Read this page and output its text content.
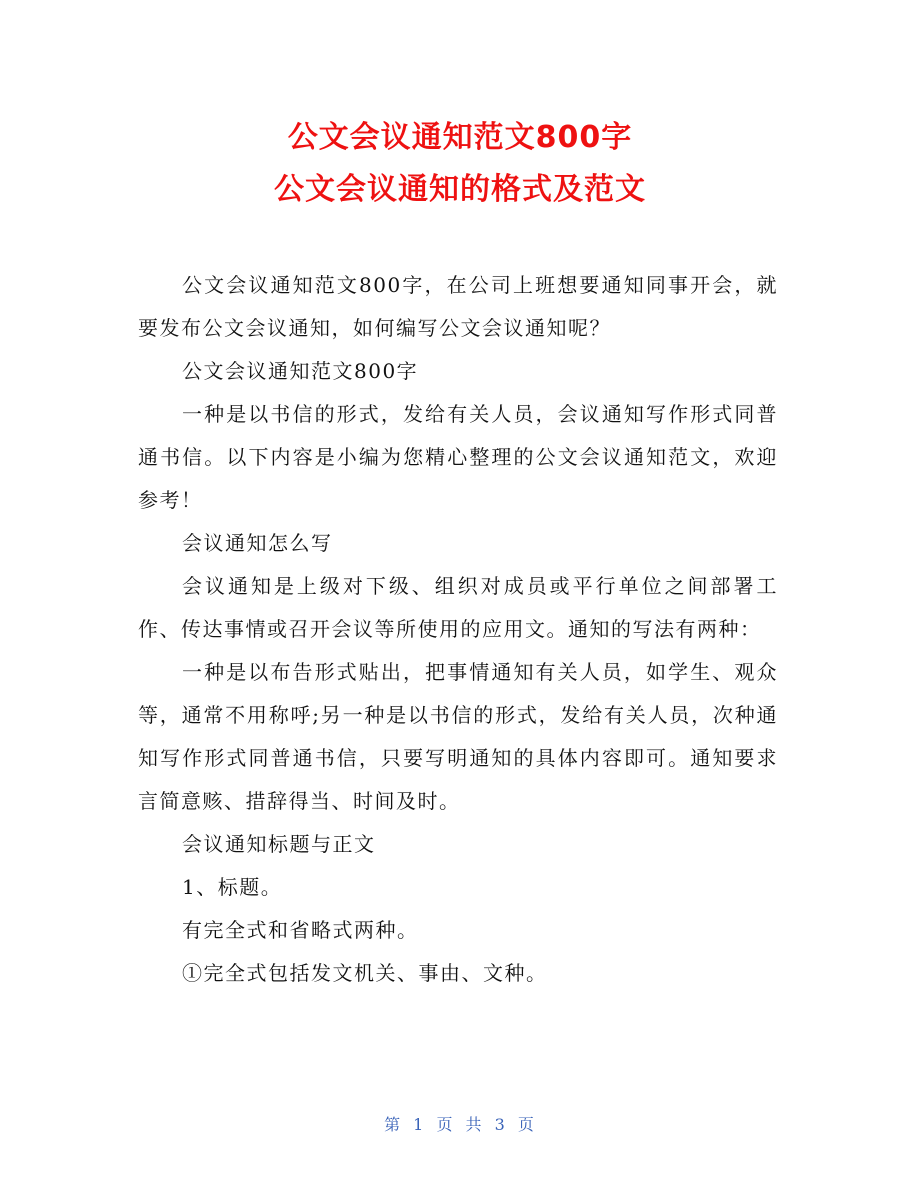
公文会议通知范文800字
公文会议通知的格式及范文

公文会议通知范文800字，在公司上班想要通知同事开会，就要发布公文会议通知，如何编写公文会议通知呢？

公文会议通知范文800字

一种是以书信的形式，发给有关人员，会议通知写作形式同普通书信。以下内容是小编为您精心整理的公文会议通知范文，欢迎参考！

会议通知怎么写

会议通知是上级对下级、组织对成员或平行单位之间部署工作、传达事情或召开会议等所使用的应用文。通知的写法有两种：

一种是以布告形式贴出，把事情通知有关人员，如学生、观众等，通常不用称呼;另一种是以书信的形式，发给有关人员，次种通知写作形式同普通书信，只要写明通知的具体内容即可。通知要求言简意赅、措辞得当、时间及时。

会议通知标题与正文

1、标题。

有完全式和省略式两种。

①完全式包括发文机关、事由、文种。

第 1 页 共 3 页
